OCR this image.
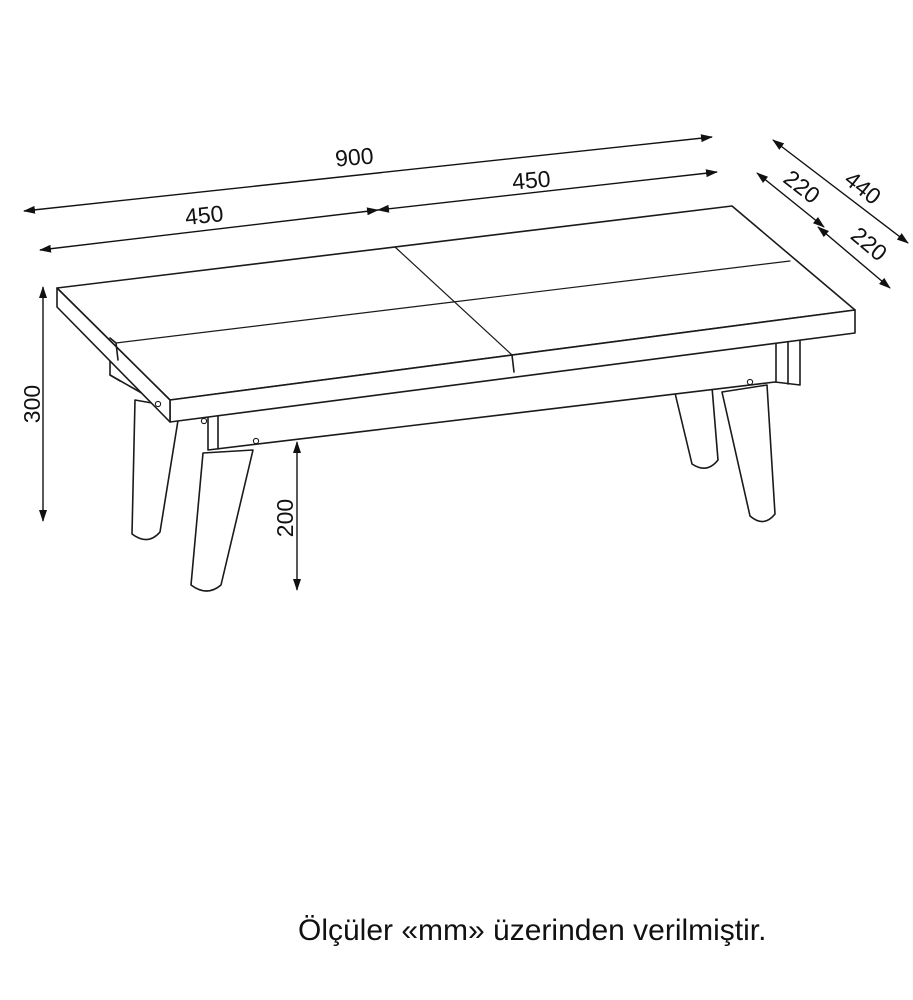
900
450
450	440
220
220
300
200
Ölçüler «mm» üzerinden verilmiştir.
